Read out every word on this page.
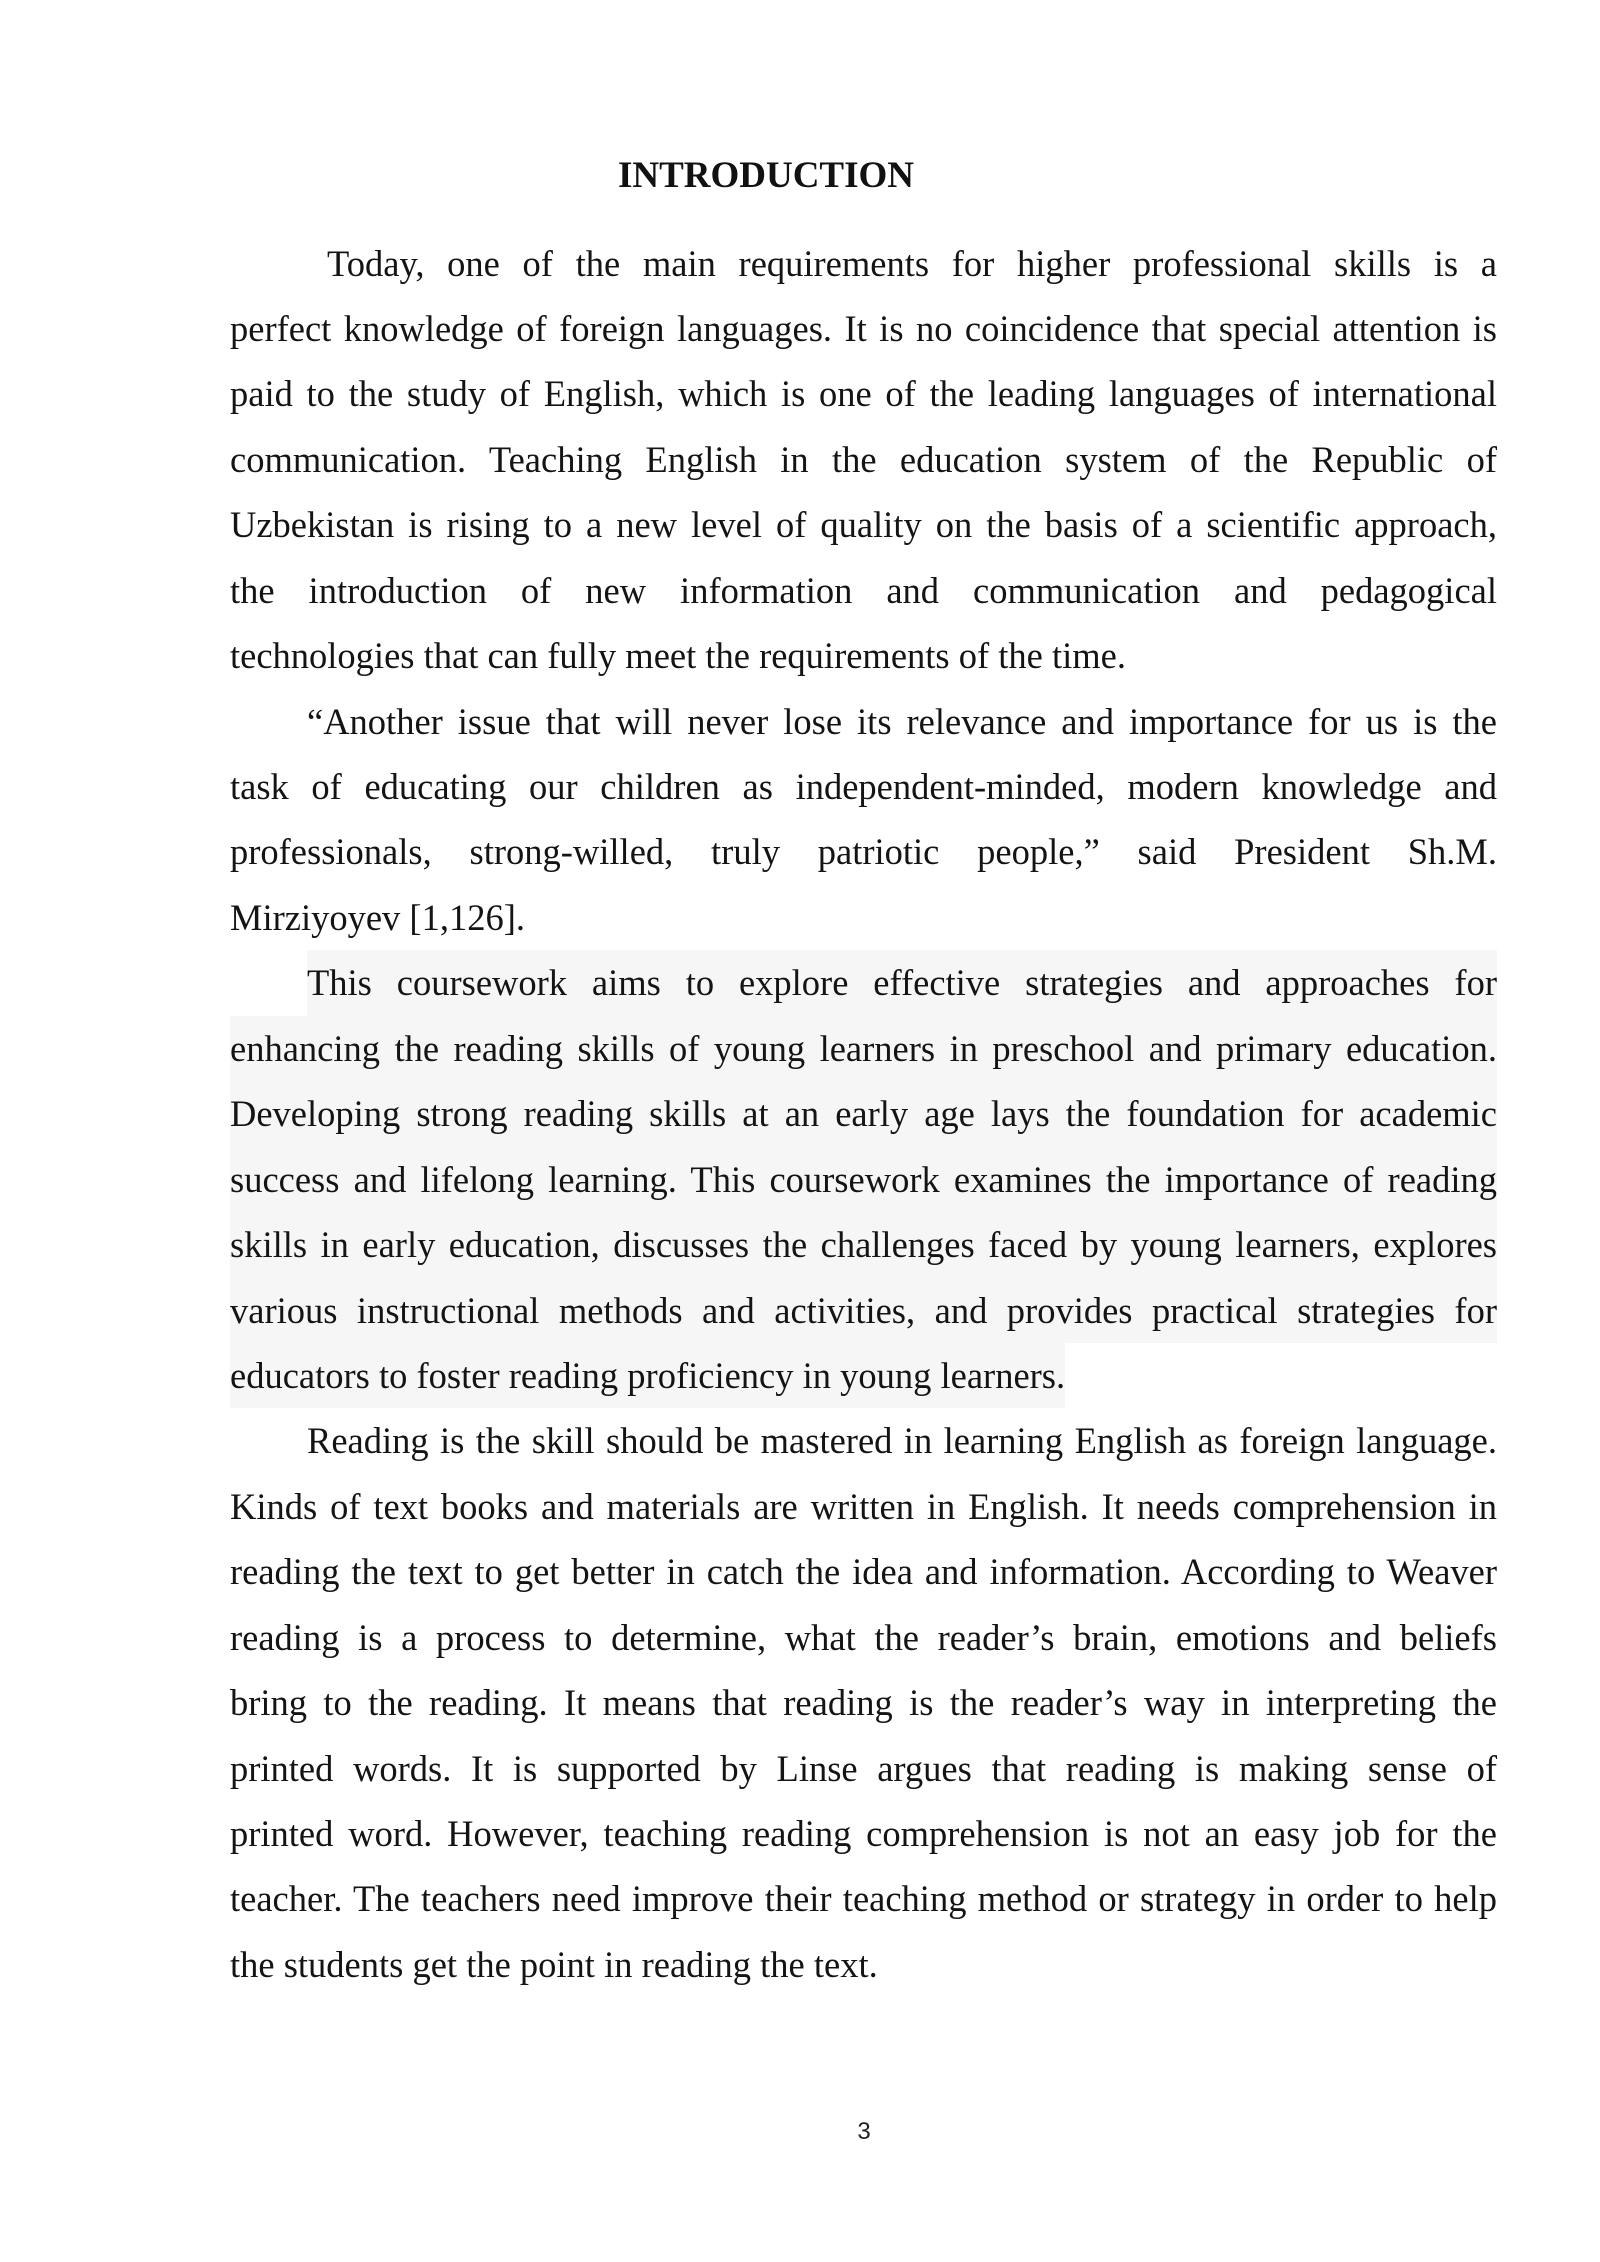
INTRODUCTION
Today, one of the main requirements for higher professional skills is a
perfect knowledge of foreign languages. It is no coincidence that special attention is
paid to the study of English, which is one of the leading languages of international
communication. Teaching English in the education system of the Republic of
Uzbekistan is rising to a new level of quality on the basis of a scientific approach,
the introduction of new information and communication and pedagogical
technologies that can fully meet the requirements of the time.
“Another issue that will never lose its relevance and importance for us is the
task of educating our children as independent-minded, modern knowledge and
professionals, strong-willed, truly patriotic people,” said President Sh.M.
Mirziyoyev [1,126].
This coursework aims to explore effective strategies and approaches for
enhancing the reading skills of young learners in preschool and primary education.
Developing strong reading skills at an early age lays the foundation for academic
success and lifelong learning. This coursework examines the importance of reading
skills in early education, discusses the challenges faced by young learners, explores
various instructional methods and activities, and provides practical strategies for
educators to foster reading proficiency in young learners.
Reading is the skill should be mastered in learning English as foreign language.
Kinds of text books and materials are written in English. It needs comprehension in
reading the text to get better in catch the idea and information. According to Weaver
reading is a process to determine, what the reader’s brain, emotions and beliefs
bring to the reading. It means that reading is the reader’s way in interpreting the
printed words. It is supported by Linse argues that reading is making sense of
printed word. However, teaching reading comprehension is not an easy job for the
teacher. The teachers need improve their teaching method or strategy in order to help
the students get the point in reading the text.
3
